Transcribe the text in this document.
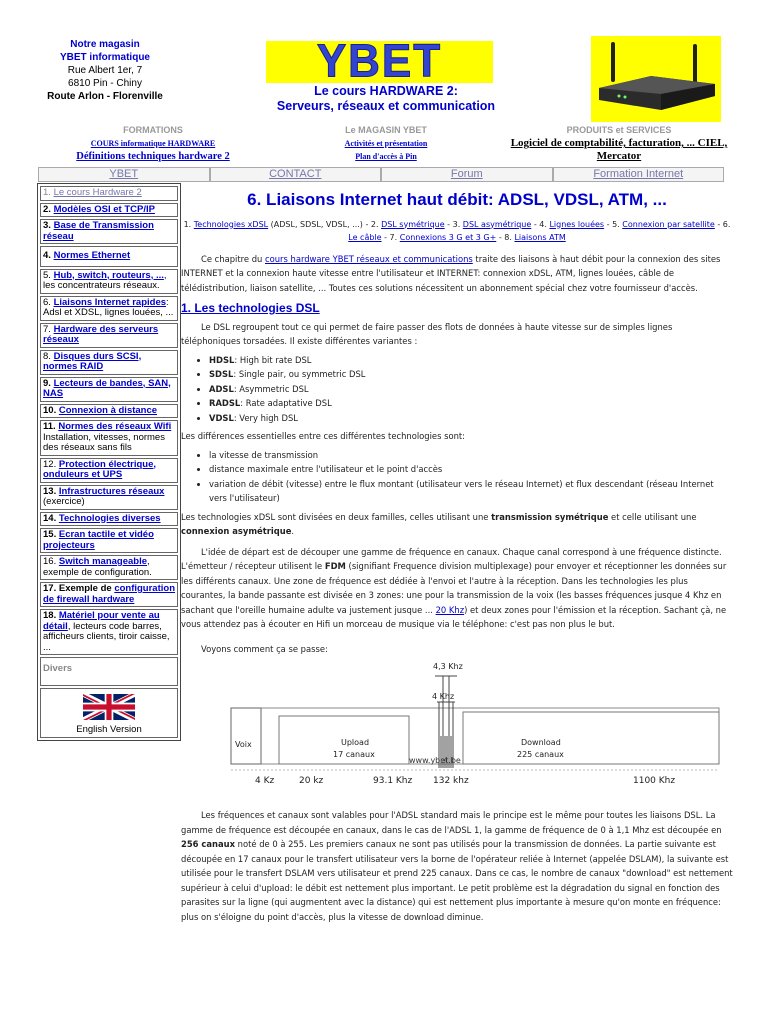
Notre magasin
YBET informatique
Rue Albert 1er, 7
6810 Pin - Chiny
Route Arlon - Florenville
YBET
Le cours HARDWARE 2:
Serveurs, réseaux et communication
FORMATIONS
COURS informatique HARDWARE
Définitions techniques hardware 2
Le MAGASIN YBET
Activités et présentation
Plan d'accès à Pin
PRODUITS et SERVICES
Logiciel de comptabilité, facturation, ... CIEL, Mercator
YBET	CONTACT	Forum	Formation Internet
1. Le cours Hardware 2
2. Modèles OSI et TCP/IP
3. Base de Transmission réseau
4. Normes Ethernet
5. Hub, switch, routeurs, ..., les concentrateurs réseaux.
6. Liaisons Internet rapides: Adsl et XDSL, lignes louées, ...
7. Hardware des serveurs réseaux
8. Disques durs SCSI, normes RAID
9. Lecteurs de bandes, SAN, NAS
10. Connexion à distance
11. Normes des réseaux Wifi Installation, vitesses, normes des réseaux sans fils
12. Protection électrique, onduleurs et UPS
13. Infrastructures réseaux (exercice)
14. Technologies diverses
15. Ecran tactile et vidéo projecteurs
16. Switch manageable, exemple de configuration.
17. Exemple de configuration de firewall hardware
18. Matériel pour vente au détail, lecteurs code barres, afficheurs clients, tiroir caisse, ...
Divers
English Version
6. Liaisons Internet haut débit: ADSL, VDSL, ATM, ...
1. Technologies xDSL (ADSL, SDSL, VDSL, ...) - 2. DSL symétrique - 3. DSL asymétrique - 4. Lignes louées - 5. Connexion par satellite - 6. Le câble - 7. Connexions 3 G et 3 G+ - 8. Liaisons ATM

Ce chapitre du cours hardware YBET réseaux et communications traite des liaisons à haut débit pour la connexion des sites INTERNET et la connexion haute vitesse entre l'utilisateur et INTERNET: connexion xDSL, ATM, lignes louées, câble de télédistribution, liaison satellite, ... Toutes ces solutions nécessitent un abonnement spécial chez votre fournisseur d'accès.

1. Les technologies DSL

Le DSL regroupent tout ce qui permet de faire passer des flots de données à haute vitesse sur de simples lignes téléphoniques torsadées. Il existe différentes variantes :

• HDSL: High bit rate DSL
• SDSL: Single pair, ou symmetric DSL
• ADSL: Asymmetric DSL
• RADSL: Rate adaptative DSL
• VDSL: Very high DSL

Les différences essentielles entre ces différentes technologies sont:

• la vitesse de transmission
• distance maximale entre l'utilisateur et le point d'accès
• variation de débit (vitesse) entre le flux montant (utilisateur vers le réseau Internet) et flux descendant (réseau Internet vers l'utilisateur)

Les technologies xDSL sont divisées en deux familles, celles utilisant une transmission symétrique et celle utilisant une connexion asymétrique.

L'idée de départ est de découper une gamme de fréquence en canaux. Chaque canal correspond à une fréquence distincte. L'émetteur / récepteur utilisent le FDM (signifiant Frequence division multiplexage) pour envoyer et réceptionner les données sur les différents canaux. Une zone de fréquence est dédiée à l'envoi et l'autre à la réception. Dans les technologies les plus courantes, la bande passante est divisée en 3 zones: une pour la transmission de la voix (les basses fréquences jusque 4 Khz en sachant que l'oreille humaine adulte va justement jusque ... 20 Khz) et deux zones pour l'émission et la réception. Sachant çà, ne vous attendez pas à écouter en Hifi un morceau de musique via le téléphone: c'est pas non plus le but.

Voyons comment ça se passe:

4,3 Khz
4 Khz
Voix	Upload
17 canaux
www.ybet.be
Download
225 canaux
4 Kz	20 kz	93.1 Khz 132 khz	1100 Khz

Les fréquences et canaux sont valables pour l'ADSL standard mais le principe est le même pour toutes les liaisons DSL. La gamme de fréquence est découpée en canaux, dans le cas de l'ADSL 1, la gamme de fréquence de 0 à 1,1 Mhz est découpée en 256 canaux noté de 0 à 255. Les premiers canaux ne sont pas utilisés pour la transmission de données. La partie suivante est découpée en 17 canaux pour le transfert utilisateur vers la borne de l'opérateur reliée à Internet (appelée DSLAM), la suivante est utilisée pour le transfert DSLAM vers utilisateur et prend 225 canaux. Dans ce cas, le nombre de canaux "download" est nettement supérieur à celui d'upload: le débit est nettement plus important. Le petit problème est la dégradation du signal en fonction des parasites sur la ligne (qui augmentent avec la distance) qui est nettement plus importante à mesure qu'on monte en fréquence: plus on s'éloigne du point d'accès, plus la vitesse de download diminue.
